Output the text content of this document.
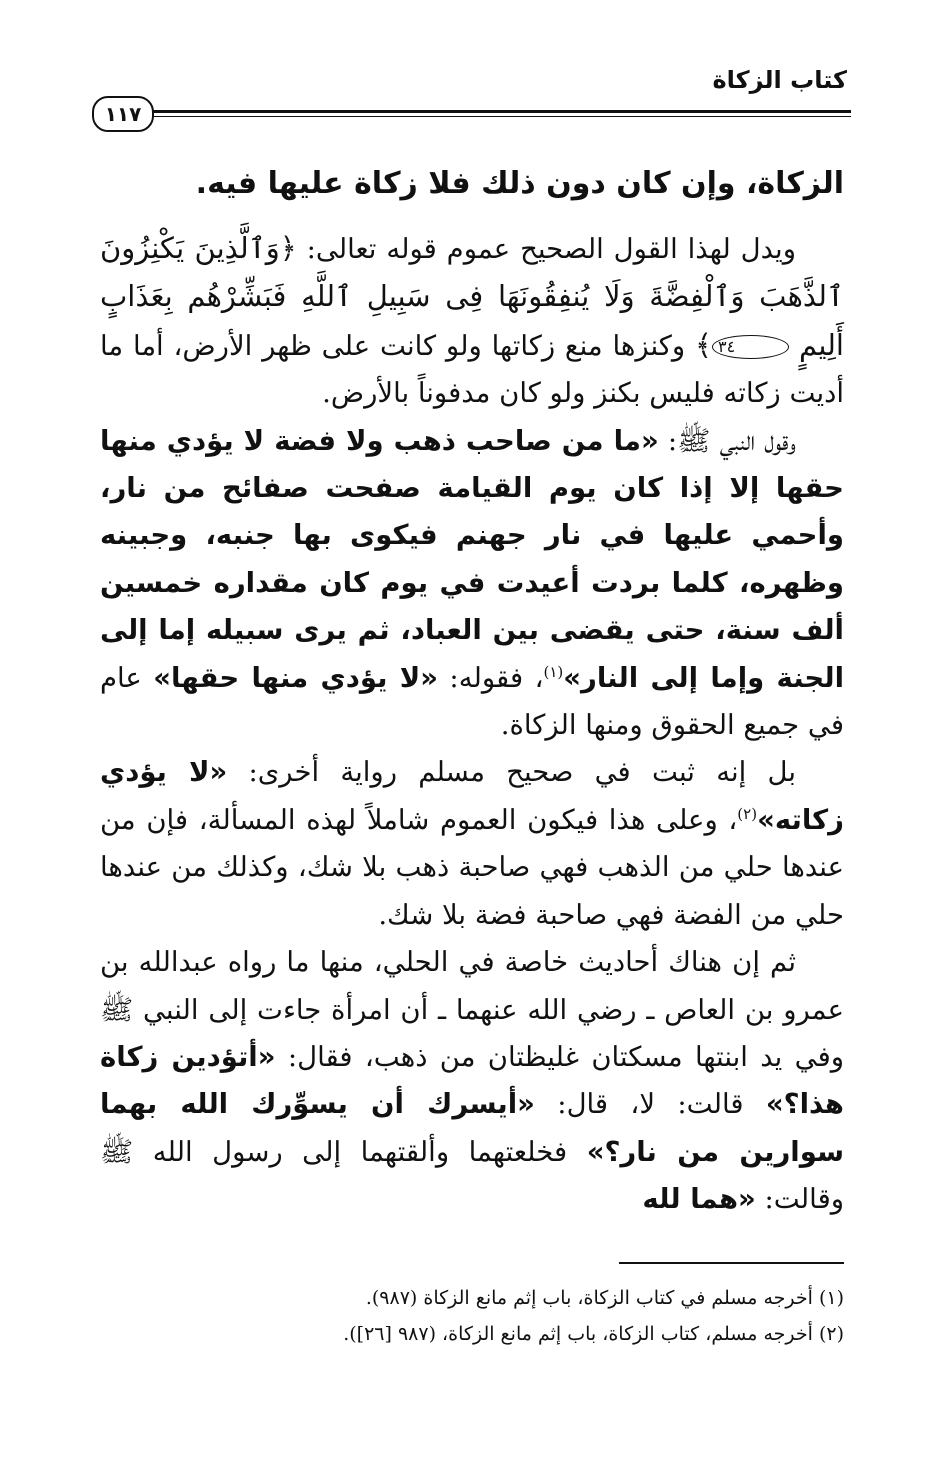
كتاب الزكاة
١١٧

الزكاة، وإن كان دون ذلك فلا زكاة عليها فيه.

ويدل لهذا القول الصحيح عموم قوله تعالى: ﴿وَٱلَّذِينَ يَكْنِزُونَ ٱلذَّهَبَ وَٱلْفِضَّةَ وَلَا يُنفِقُونَهَا فِى سَبِيلِ ٱللَّهِ فَبَشِّرْهُم بِعَذَابٍ أَلِيمٍ ٣٤﴾ وكنزها منع زكاتها ولو كانت على ظهر الأرض، أما ما أديت زكاته فليس بكنز ولو كان مدفوناً بالأرض.

وقول النبي ﷺ: «ما من صاحب ذهب ولا فضة لا يؤدي منها حقها إلا إذا كان يوم القيامة صفحت صفائح من نار، وأحمي عليها في نار جهنم فيكوى بها جنبه، وجبينه وظهره، كلما بردت أعيدت في يوم كان مقداره خمسين ألف سنة، حتى يقضى بين العباد، ثم يرى سبيله إما إلى الجنة وإما إلى النار»$^{(١)}$، فقوله: «لا يؤدي منها حقها» عام في جميع الحقوق ومنها الزكاة.

بل إنه ثبت في صحيح مسلم رواية أخرى: «لا يؤدي زكاته»$^{(٢)}$، وعلى هذا فيكون العموم شاملاً لهذه المسألة، فإن من عندها حلي من الذهب فهي صاحبة ذهب بلا شك، وكذلك من عندها حلي من الفضة فهي صاحبة فضة بلا شك.

ثم إن هناك أحاديث خاصة في الحلي، منها ما رواه عبدالله بن عمرو بن العاص ـ رضي الله عنهما ـ أن امرأة جاءت إلى النبي ﷺ وفي يد ابنتها مسكتان غليظتان من ذهب، فقال: «أتؤدين زكاة هذا؟» قالت: لا، قال: «أيسرك أن يسوِّرك الله بهما سوارين من نار؟» فخلعتهما وألقتهما إلى رسول الله ﷺ وقالت: «هما لله

(١) أخرجه مسلم في كتاب الزكاة، باب إثم مانع الزكاة (٩٨٧).

(٢) أخرجه مسلم، كتاب الزكاة، باب إثم مانع الزكاة، (٩٨٧ [٢٦]).
